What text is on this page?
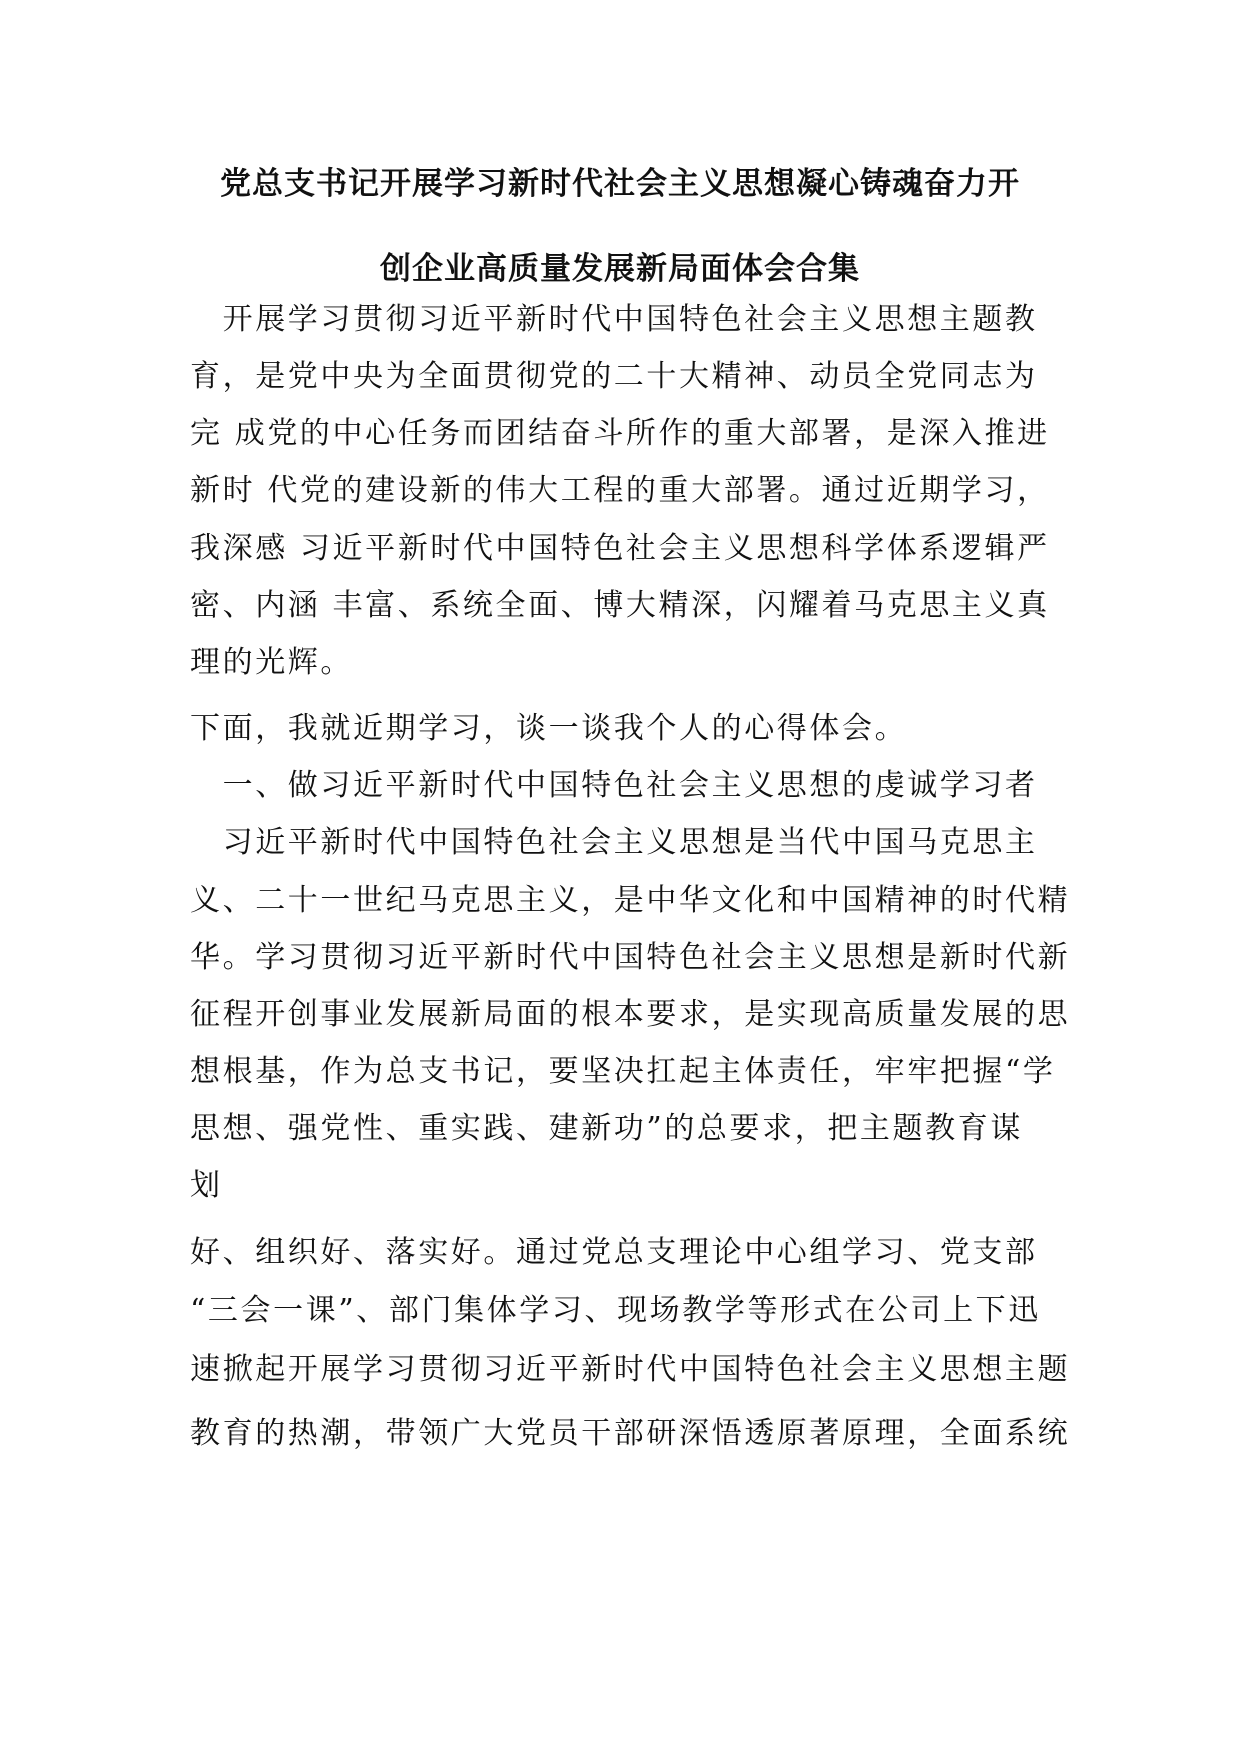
党总支书记开展学习新时代社会主义思想凝心铸魂奋力开
创企业高质量发展新局面体会合集
　开展学习贯彻习近平新时代中国特色社会主义思想主题教
育，是党中央为全面贯彻党的二十大精神、动员全党同志为
完 成党的中心任务而团结奋斗所作的重大部署，是深入推进
新时 代党的建设新的伟大工程的重大部署。通过近期学习，
我深感 习近平新时代中国特色社会主义思想科学体系逻辑严
密、内涵 丰富、系统全面、博大精深，闪耀着马克思主义真
理的光辉。
下面，我就近期学习，谈一谈我个人的心得体会。
　一、做习近平新时代中国特色社会主义思想的虔诚学习者
　习近平新时代中国特色社会主义思想是当代中国马克思主
义、二十一世纪马克思主义，是中华文化和中国精神的时代精
华。学习贯彻习近平新时代中国特色社会主义思想是新时代新
征程开创事业发展新局面的根本要求，是实现高质量发展的思
想根基，作为总支书记，要坚决扛起主体责任，牢牢把握“学
思想、强党性、重实践、建新功”的总要求，把主题教育谋
划
好、组织好、落实好。通过党总支理论中心组学习、党支部
“三会一课”、部门集体学习、现场教学等形式在公司上下迅
速掀起开展学习贯彻习近平新时代中国特色社会主义思想主题
教育的热潮，带领广大党员干部研深悟透原著原理，全面系统
